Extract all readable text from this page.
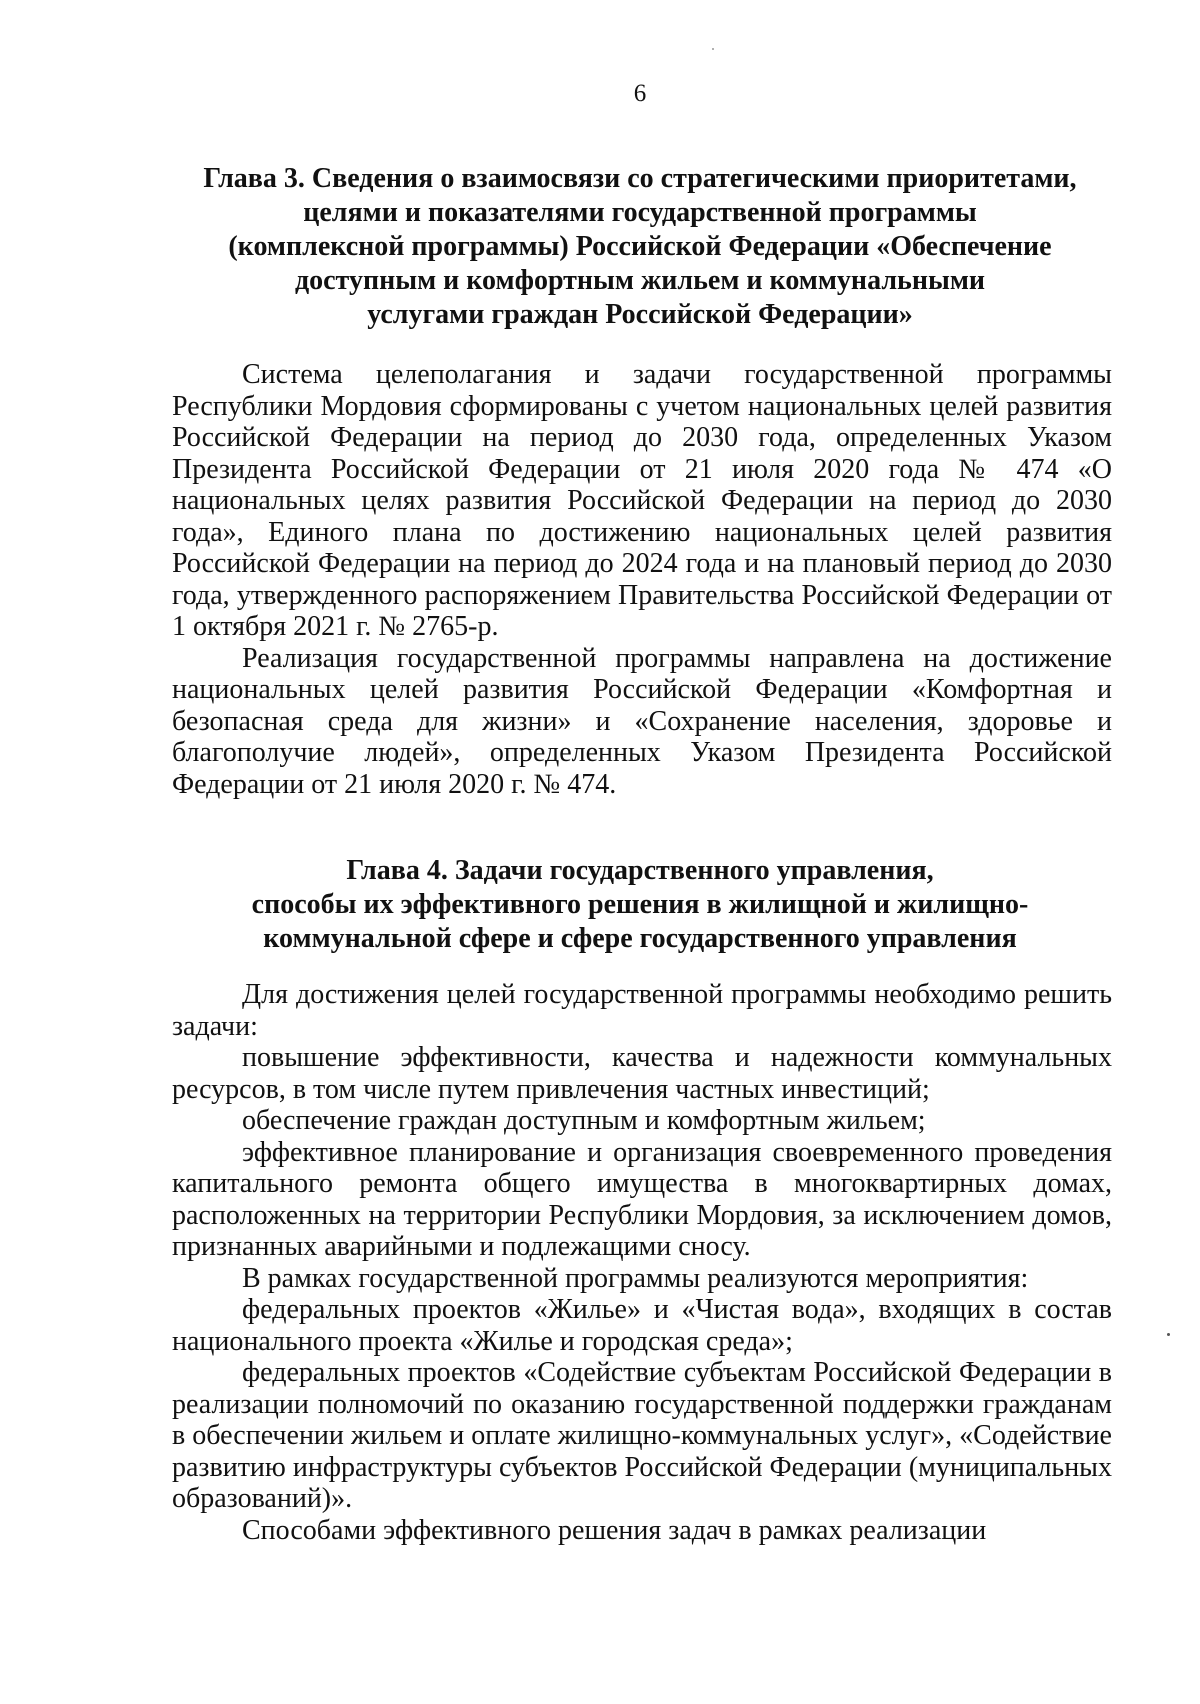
6
Глава 3. Сведения о взаимосвязи со стратегическими приоритетами,
целями и показателями государственной программы
(комплексной программы) Российской Федерации «Обеспечение
доступным и комфортным жильем и коммунальными
услугами граждан Российской Федерации»

Система целеполагания и задачи государственной программы Республики Мордовия сформированы с учетом национальных целей развития Российской Федерации на период до 2030 года, определенных Указом Президента Российской Федерации от 21 июля 2020 года № 474 «О национальных целях развития Российской Федерации на период до 2030 года», Единого плана по достижению национальных целей развития Российской Федерации на период до 2024 года и на плановый период до 2030 года, утвержденного распоряжением Правительства Российской Федерации от 1 октября 2021 г. № 2765-р.

Реализация государственной программы направлена на достижение национальных целей развития Российской Федерации «Комфортная и безопасная среда для жизни» и «Сохранение населения, здоровье и благополучие людей», определенных Указом Президента Российской Федерации от 21 июля 2020 г. № 474.

Глава 4. Задачи государственного управления,
способы их эффективного решения в жилищной и жилищно-
коммунальной сфере и сфере государственного управления

Для достижения целей государственной программы необходимо решить задачи:

повышение эффективности, качества и надежности коммунальных ресурсов, в том числе путем привлечения частных инвестиций;

обеспечение граждан доступным и комфортным жильем;

эффективное планирование и организация своевременного проведения капитального ремонта общего имущества в многоквартирных домах, расположенных на территории Республики Мордовия, за исключением домов, признанных аварийными и подлежащими сносу.

В рамках государственной программы реализуются мероприятия:

федеральных проектов «Жилье» и «Чистая вода», входящих в состав национального проекта «Жилье и городская среда»;

федеральных проектов «Содействие субъектам Российской Федерации в реализации полномочий по оказанию государственной поддержки гражданам в обеспечении жильем и оплате жилищно-коммунальных услуг», «Содействие развитию инфраструктуры субъектов Российской Федерации (муниципальных образований)».

Способами эффективного решения задач в рамках реализации
